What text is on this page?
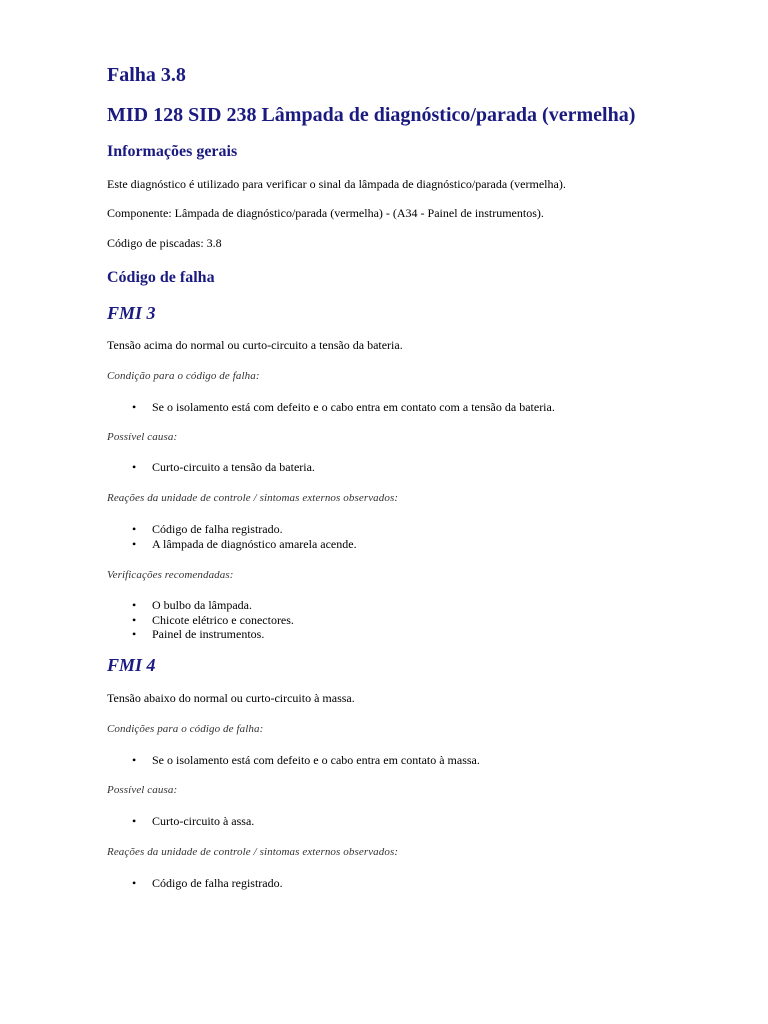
Falha 3.8
MID 128 SID 238 Lâmpada de diagnóstico/parada (vermelha)
Informações gerais

Este diagnóstico é utilizado para verificar o sinal da lâmpada de diagnóstico/parada (vermelha).

Componente: Lâmpada de diagnóstico/parada (vermelha) - (A34 - Painel de instrumentos).

Código de piscadas: 3.8

Código de falha
FMI 3

Tensão acima do normal ou curto-circuito a tensão da bateria.

Condição para o código de falha:

• Se o isolamento está com defeito e o cabo entra em contato com a tensão da bateria.

Possível causa:

• Curto-circuito a tensão da bateria.

Reações da unidade de controle / sintomas externos observados:

• Código de falha registrado.
• A lâmpada de diagnóstico amarela acende.

Verificações recomendadas:

• O bulbo da lâmpada.
• Chicote elétrico e conectores.
• Painel de instrumentos.
FMI 4

Tensão abaixo do normal ou curto-circuito à massa.

Condições para o código de falha:

• Se o isolamento está com defeito e o cabo entra em contato à massa.

Possível causa:

• Curto-circuito à assa.

Reações da unidade de controle / sintomas externos observados:

• Código de falha registrado.
